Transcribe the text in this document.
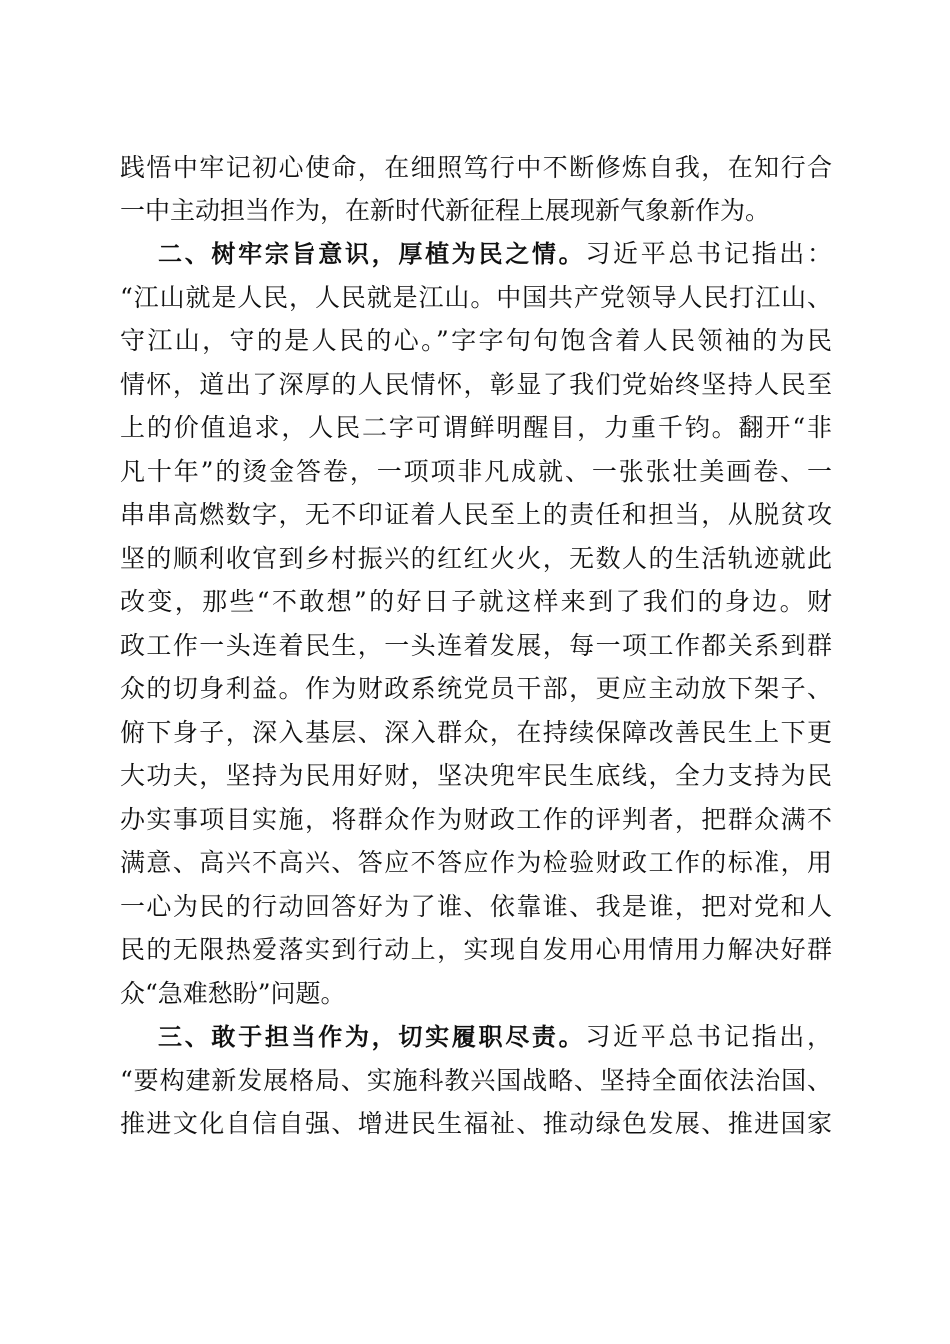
践悟中牢记初心使命，在细照笃行中不断修炼自我，在知行合
一中主动担当作为，在新时代新征程上展现新气象新作为。
二、树牢宗旨意识，厚植为民之情。习近平总书记指出：
“江山就是人民，人民就是江山。中国共产党领导人民打江山、
守江山，守的是人民的心。”字字句句饱含着人民领袖的为民
情怀，道出了深厚的人民情怀，彰显了我们党始终坚持人民至
上的价值追求，人民二字可谓鲜明醒目，力重千钧。翻开“非
凡十年”的烫金答卷，一项项非凡成就、一张张壮美画卷、一
串串高燃数字，无不印证着人民至上的责任和担当，从脱贫攻
坚的顺利收官到乡村振兴的红红火火，无数人的生活轨迹就此
改变，那些“不敢想”的好日子就这样来到了我们的身边。财
政工作一头连着民生，一头连着发展，每一项工作都关系到群
众的切身利益。作为财政系统党员干部，更应主动放下架子、
俯下身子，深入基层、深入群众，在持续保障改善民生上下更
大功夫，坚持为民用好财，坚决兜牢民生底线，全力支持为民
办实事项目实施，将群众作为财政工作的评判者，把群众满不
满意、高兴不高兴、答应不答应作为检验财政工作的标准，用
一心为民的行动回答好为了谁、依靠谁、我是谁，把对党和人
民的无限热爱落实到行动上，实现自发用心用情用力解决好群
众“急难愁盼”问题。
三、敢于担当作为，切实履职尽责。习近平总书记指出，
“要构建新发展格局、实施科教兴国战略、坚持全面依法治国、
推进文化自信自强、增进民生福祉、推动绿色发展、推进国家
